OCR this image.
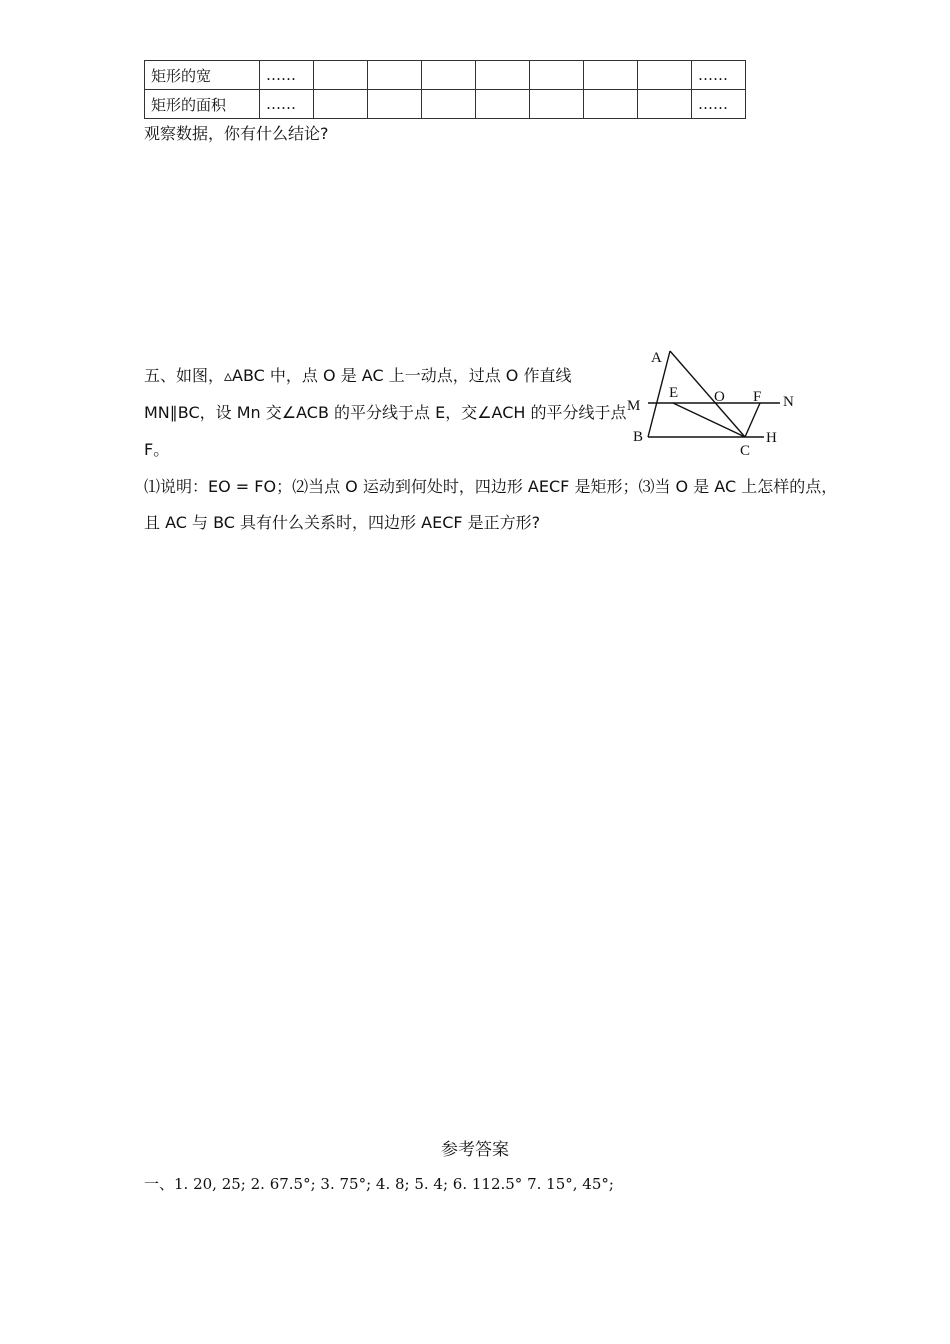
矩形的宽	……								……
矩形的面积	……								……
观察数据，你有什么结论?
五、如图，▵ABC 中，点 O 是 AC 上一动点，过点 O 作直线
MN∥BC，设 Mn 交∠ACB 的平分线于点 E，交∠ACH 的平分线于点
F。
⑴说明：EO = FO；⑵当点 O 运动到何处时，四边形 AECF 是矩形；⑶当 O 是 AC 上怎样的点，
且 AC 与 BC 具有什么关系时，四边形 AECF 是正方形?
A
E O F
M	N
B
C
H
参考答案
一、1. 20, 25; 2. 67.5°; 3. 75°; 4. 8; 5. 4; 6. 112.5° 7. 15°, 45°;
